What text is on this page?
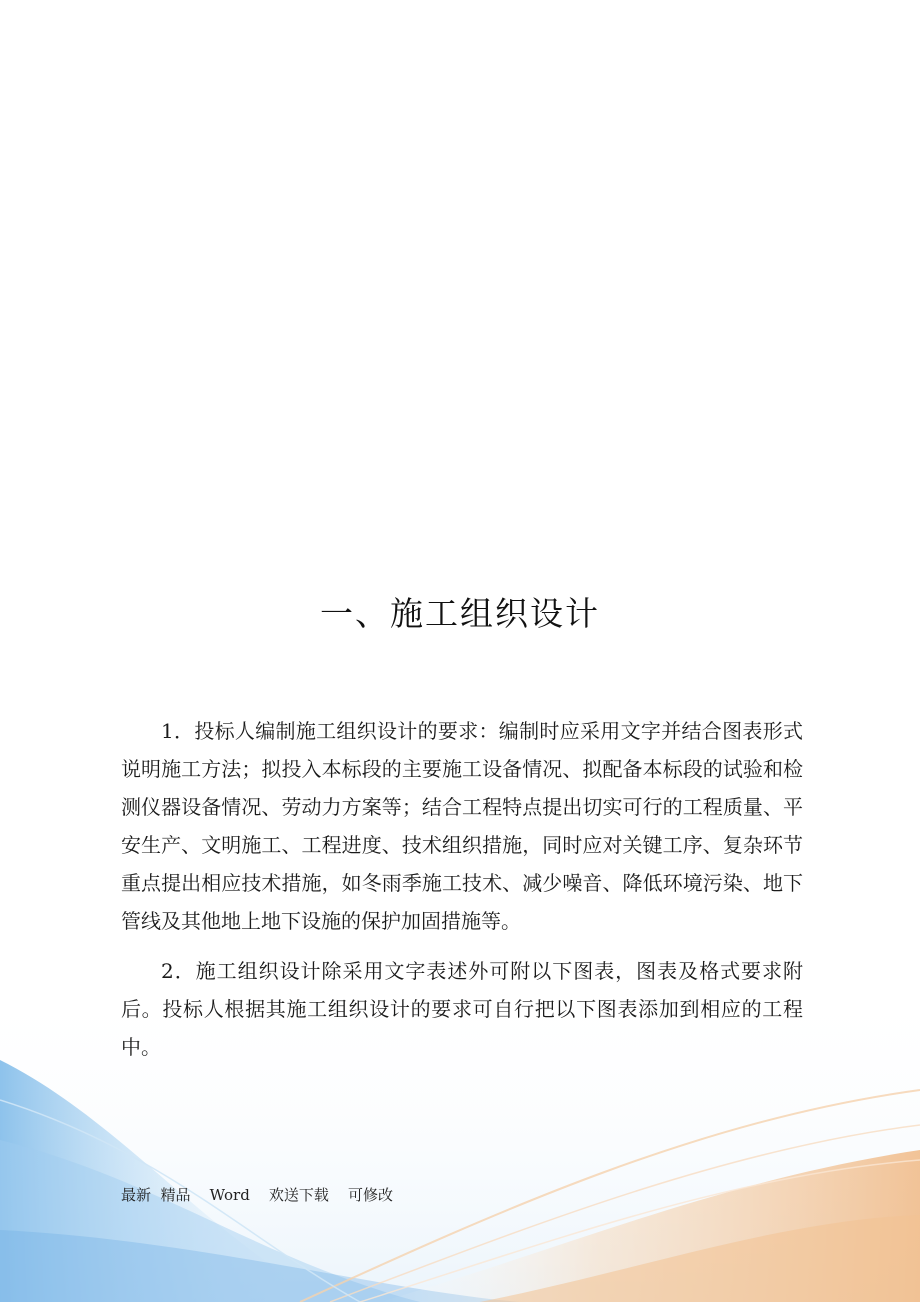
一、施工组织设计

1．投标人编制施工组织设计的要求：编制时应采用文字并结合图表形式说明施工方法；拟投入本标段的主要施工设备情况、拟配备本标段的试验和检测仪器设备情况、劳动力方案等；结合工程特点提出切实可行的工程质量、平安生产、文明施工、工程进度、技术组织措施，同时应对关键工序、复杂环节重点提出相应技术措施，如冬雨季施工技术、减少噪音、降低环境污染、地下管线及其他地上地下设施的保护加固措施等。

2．施工组织设计除采用文字表述外可附以下图表，图表及格式要求附后。投标人根据其施工组织设计的要求可自行把以下图表添加到相应的工程中。

最新  精品    Word    欢送下载    可修改
